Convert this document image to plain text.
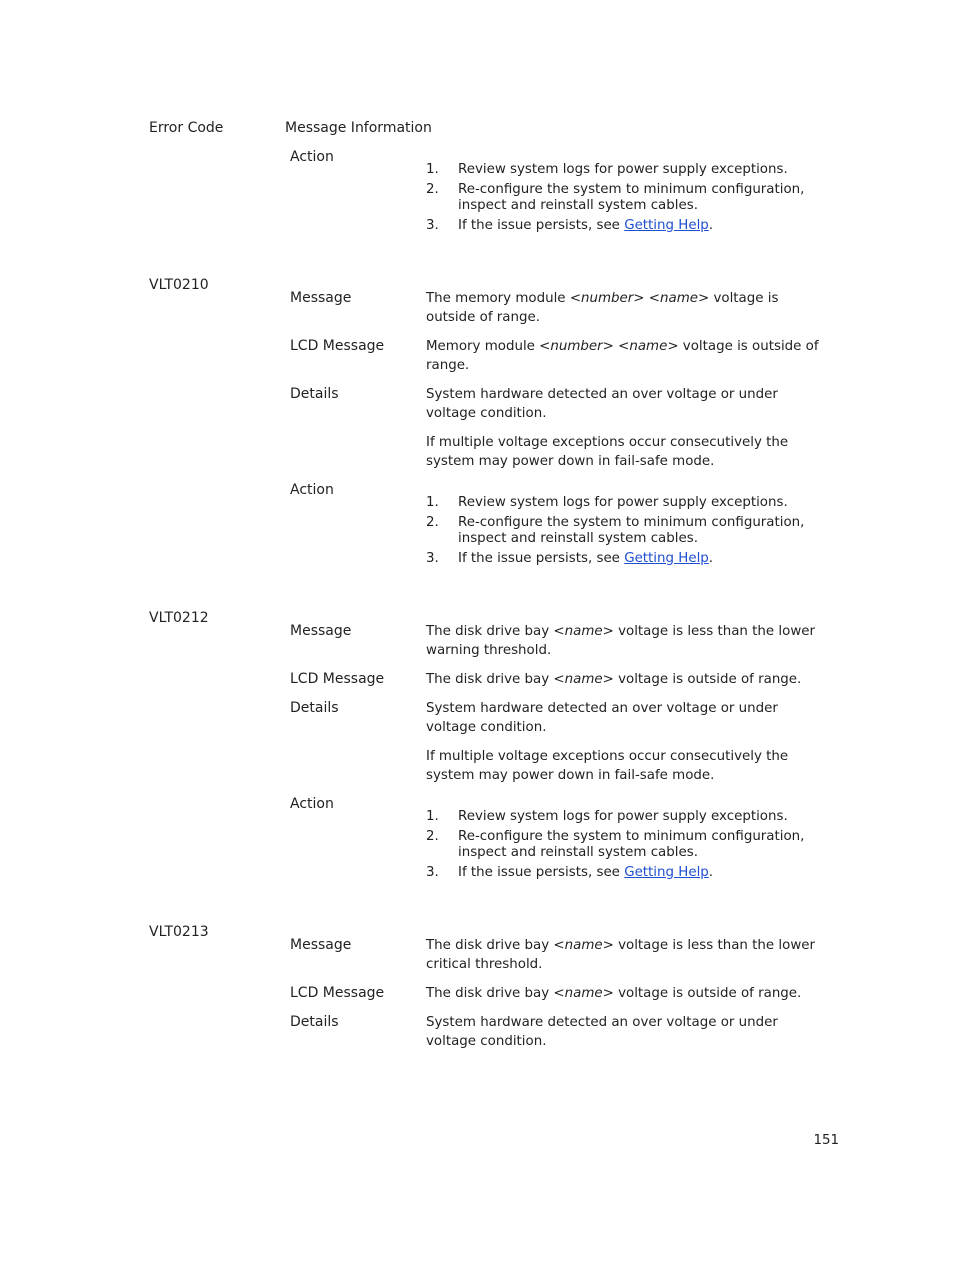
Error Code	Message Information
Action
1. Review system logs for power supply exceptions.
2. Re-configure the system to minimum configuration, inspect and reinstall system cables.
3. If the issue persists, see Getting Help.
VLT0210
Message	The memory module <number> <name> voltage is outside of range.
LCD Message	Memory module <number> <name> voltage is outside of range.
Details	System hardware detected an over voltage or under voltage condition.
If multiple voltage exceptions occur consecutively the system may power down in fail-safe mode.
Action
1. Review system logs for power supply exceptions.
2. Re-configure the system to minimum configuration, inspect and reinstall system cables.
3. If the issue persists, see Getting Help.
VLT0212
Message	The disk drive bay <name> voltage is less than the lower warning threshold.
LCD Message	The disk drive bay <name> voltage is outside of range.
Details	System hardware detected an over voltage or under voltage condition.
If multiple voltage exceptions occur consecutively the system may power down in fail-safe mode.
Action
1. Review system logs for power supply exceptions.
2. Re-configure the system to minimum configuration, inspect and reinstall system cables.
3. If the issue persists, see Getting Help.
VLT0213
Message	The disk drive bay <name> voltage is less than the lower critical threshold.
LCD Message	The disk drive bay <name> voltage is outside of range.
Details	System hardware detected an over voltage or under voltage condition.
151
